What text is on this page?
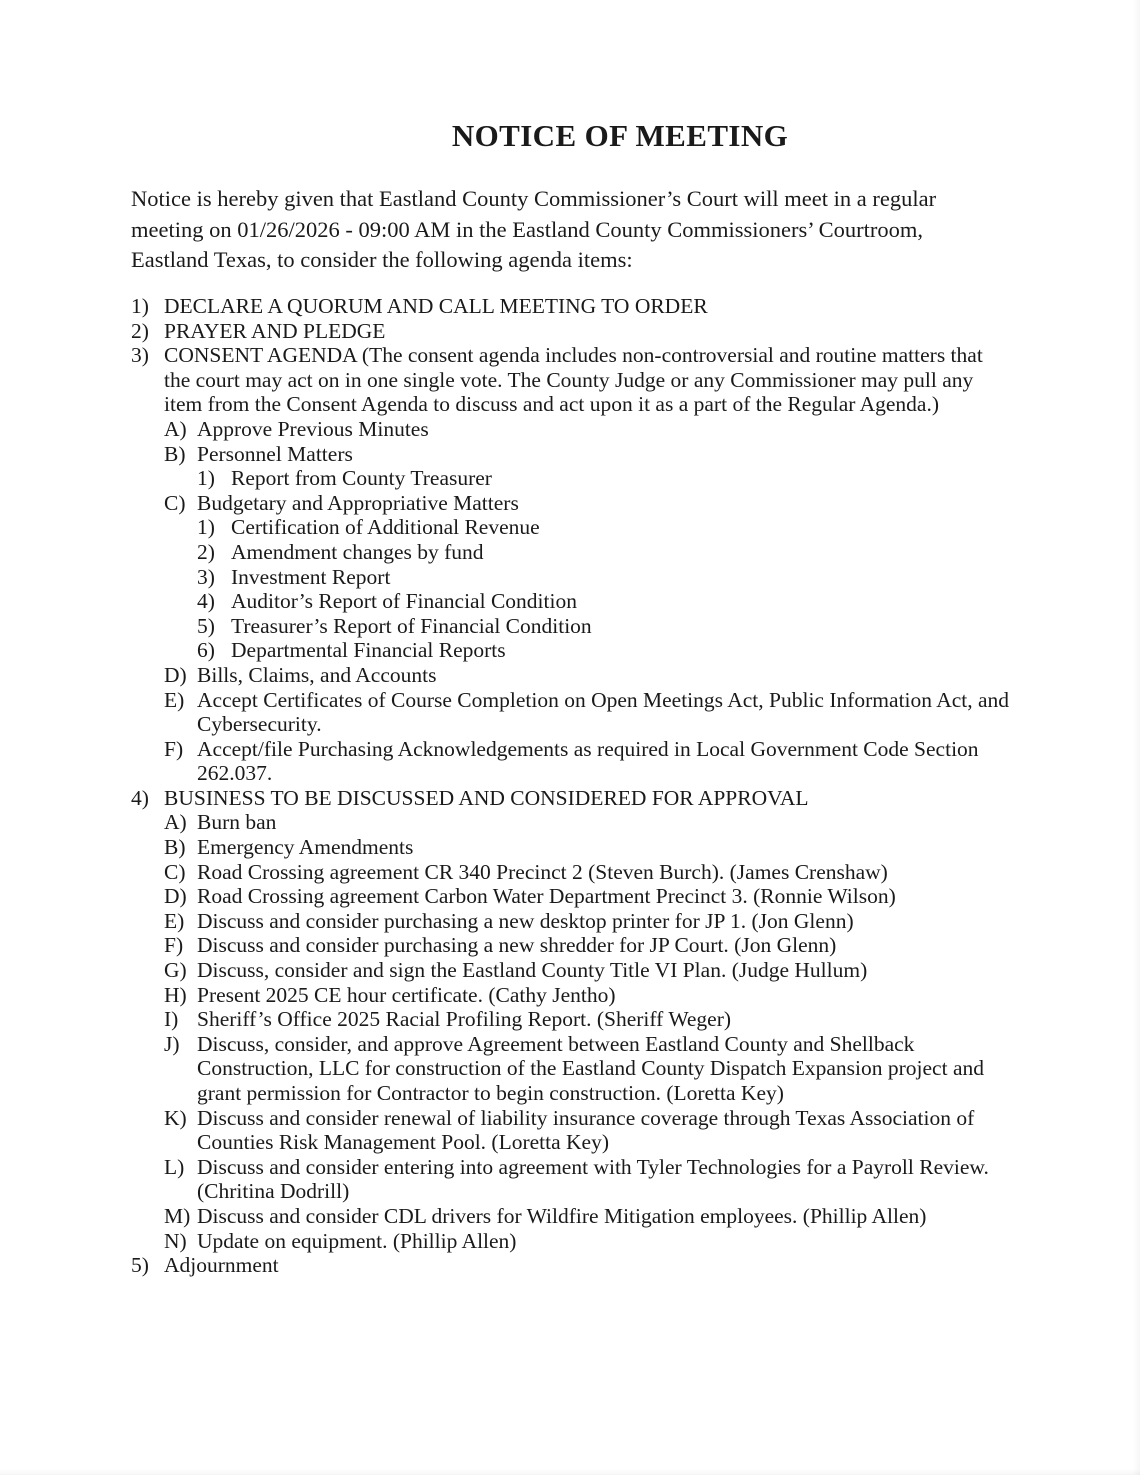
NOTICE OF MEETING
Notice is hereby given that Eastland County Commissioner’s Court will meet in a regular meeting on 01/26/2026 - 09:00 AM in the Eastland County Commissioners’ Courtroom, Eastland Texas, to consider the following agenda items:
1) DECLARE A QUORUM AND CALL MEETING TO ORDER
2) PRAYER AND PLEDGE
3) CONSENT AGENDA (The consent agenda includes non-controversial and routine matters that the court may act on in one single vote. The County Judge or any Commissioner may pull any item from the Consent Agenda to discuss and act upon it as a part of the Regular Agenda.)
A) Approve Previous Minutes
B) Personnel Matters
1) Report from County Treasurer
C) Budgetary and Appropriative Matters
1) Certification of Additional Revenue
2) Amendment changes by fund
3) Investment Report
4) Auditor’s Report of Financial Condition
5) Treasurer’s Report of Financial Condition
6) Departmental Financial Reports
D) Bills, Claims, and Accounts
E) Accept Certificates of Course Completion on Open Meetings Act, Public Information Act, and Cybersecurity.
F) Accept/file Purchasing Acknowledgements as required in Local Government Code Section 262.037.
4) BUSINESS TO BE DISCUSSED AND CONSIDERED FOR APPROVAL
A) Burn ban
B) Emergency Amendments
C) Road Crossing agreement CR 340 Precinct 2 (Steven Burch). (James Crenshaw)
D) Road Crossing agreement Carbon Water Department Precinct 3. (Ronnie Wilson)
E) Discuss and consider purchasing a new desktop printer for JP 1. (Jon Glenn)
F) Discuss and consider purchasing a new shredder for JP Court. (Jon Glenn)
G) Discuss, consider and sign the Eastland County Title VI Plan. (Judge Hullum)
H) Present 2025 CE hour certificate. (Cathy Jentho)
I) Sheriff’s Office 2025 Racial Profiling Report. (Sheriff Weger)
J) Discuss, consider, and approve Agreement between Eastland County and Shellback Construction, LLC for construction of the Eastland County Dispatch Expansion project and grant permission for Contractor to begin construction. (Loretta Key)
K) Discuss and consider renewal of liability insurance coverage through Texas Association of Counties Risk Management Pool. (Loretta Key)
L) Discuss and consider entering into agreement with Tyler Technologies for a Payroll Review. (Chritina Dodrill)
M) Discuss and consider CDL drivers for Wildfire Mitigation employees. (Phillip Allen)
N) Update on equipment. (Phillip Allen)
5) Adjournment
